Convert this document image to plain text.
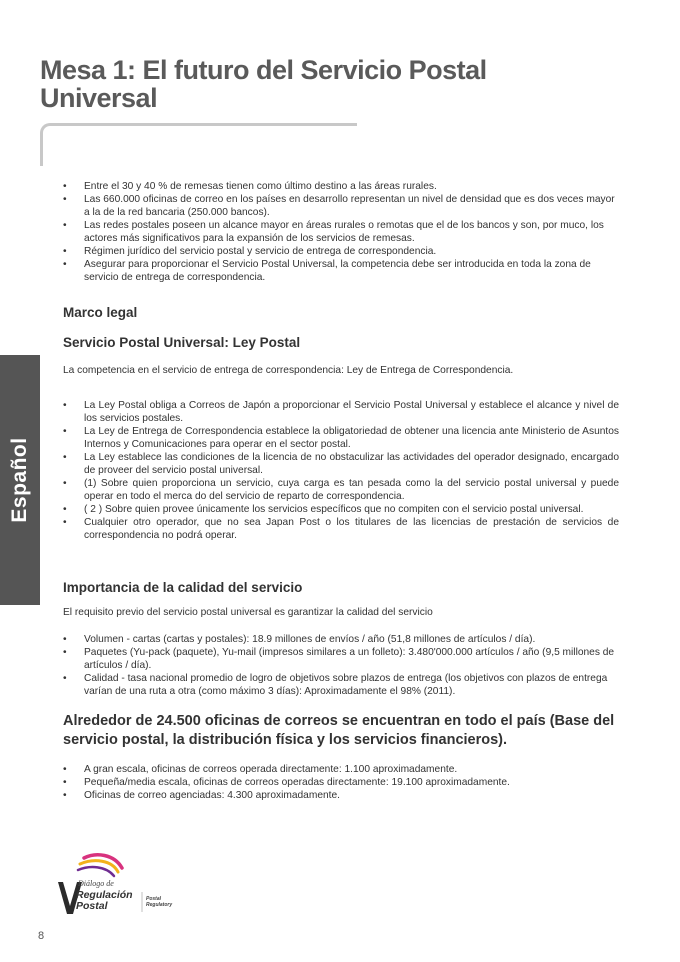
Mesa 1: El futuro del Servicio Postal Universal
Español
• Entre el 30 y 40 % de remesas tienen como último destino a las áreas rurales.
• Las 660.000 oficinas de correo en los países en desarrollo representan un nivel de densidad que es dos veces mayor a la de la red bancaria (250.000 bancos).
• Las redes postales poseen un alcance mayor en áreas rurales o remotas que el de los bancos y son, por muco, los actores más significativos para la expansión de los servicios de remesas.
• Régimen jurídico del servicio postal y servicio de entrega de correspondencia.
• Asegurar para proporcionar el Servicio Postal Universal, la competencia debe ser introducida en toda la zona de servicio de entrega de correspondencia.
Marco legal
Servicio Postal Universal: Ley Postal

La competencia en el servicio de entrega de correspondencia: Ley de Entrega de Correspondencia.

• La Ley Postal obliga a Correos de Japón a proporcionar el Servicio Postal Universal y establece el alcance y nivel de los servicios postales.
• La Ley de Entrega de Correspondencia establece la obligatoriedad de obtener una licencia ante Ministerio de Asuntos Internos y Comunicaciones para operar en el sector postal.
• La Ley establece las condiciones de la licencia de no obstaculizar las actividades del operador designado, encargado de proveer del servicio postal universal.
• (1) Sobre quien proporciona un servicio, cuya carga es tan pesada como la del servicio postal universal y puede operar en todo el merca do del servicio de reparto de correspondencia.
• ( 2 ) Sobre quien provee únicamente los servicios específicos que no compiten con el servicio postal universal.
• Cualquier otro operador, que no sea Japan Post o los titulares de las licencias de prestación de servicios de correspondencia no podrá operar.
Importancia de la calidad del servicio

El requisito previo del servicio postal universal es garantizar la calidad del servicio

• Volumen - cartas (cartas y postales): 18.9 millones de envíos / año (51,8 millones de artículos / día).
• Paquetes (Yu-pack (paquete), Yu-mail (impresos similares a un folleto): 3.480'000.000 artículos / año (9,5 millones de artículos / día).
• Calidad - tasa nacional promedio de logro de objetivos sobre plazos de entrega (los objetivos con plazos de entrega varían de una ruta a otra (como máximo 3 días): Aproximadamente el 98% (2011).
Alrededor de 24.500 oficinas de correos se encuentran en todo el país (Base del servicio postal, la distribución física y los servicios financieros).
• A gran escala, oficinas de correos operada directamente: 1.100 aproximadamente.
• Pequeña/media escala, oficinas de correos operadas directamente: 19.100 aproximadamente.
• Oficinas de correo agenciadas: 4.300 aproximadamente.
Diálogo de
Regulación
Postal
Postal
Regulatory
8
